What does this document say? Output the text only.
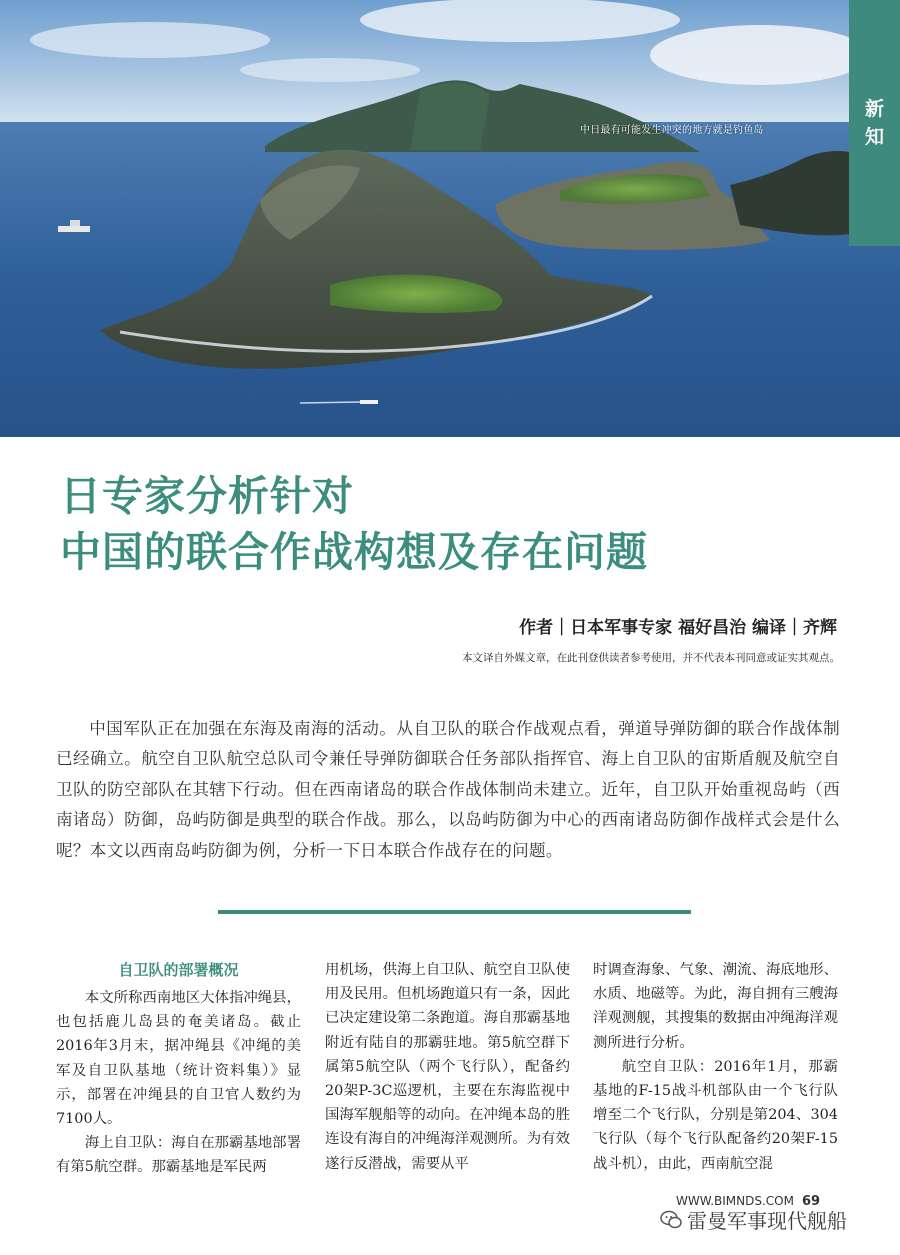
中日最有可能发生冲突的地方就是钓鱼岛
新
知
日专家分析针对
中国的联合作战构想及存在问题
作者｜日本军事专家 福好昌治 编译｜齐辉
本文译自外媒文章，在此刊登供读者参考使用，并不代表本刊同意或证实其观点。

中国军队正在加强在东海及南海的活动。从自卫队的联合作战观点看，弹道导弹防御的联合作战体制已经确立。航空自卫队航空总队司令兼任导弹防御联合任务部队指挥官、海上自卫队的宙斯盾舰及航空自卫队的防空部队在其辖下行动。但在西南诸岛的联合作战体制尚未建立。近年，自卫队开始重视岛屿（西南诸岛）防御，岛屿防御是典型的联合作战。那么，以岛屿防御为中心的西南诸岛防御作战样式会是什么呢？本文以西南岛屿防御为例，分析一下日本联合作战存在的问题。

自卫队的部署概况

本文所称西南地区大体指冲绳县，也包括鹿儿岛县的奄美诸岛。截止2016年3月末，据冲绳县《冲绳的美军及自卫队基地（统计资料集）》显示，部署在冲绳县的自卫官人数约为7100人。

海上自卫队：海自在那霸基地部署有第5航空群。那霸基地是军民两

用机场，供海上自卫队、航空自卫队使用及民用。但机场跑道只有一条，因此已决定建设第二条跑道。海自那霸基地附近有陆自的那霸驻地。第5航空群下属第5航空队（两个飞行队），配备约20架P-3C巡逻机，主要在东海监视中国海军舰船等的动向。在冲绳本岛的胜连设有海自的冲绳海洋观测所。为有效遂行反潜战，需要从平

时调查海象、气象、潮流、海底地形、水质、地磁等。为此，海自拥有三艘海洋观测舰，其搜集的数据由冲绳海洋观测所进行分析。

航空自卫队：2016年1月，那霸基地的F-15战斗机部队由一个飞行队增至二个飞行队，分别是第204、304飞行队（每个飞行队配备约20架F-15战斗机），由此，西南航空混

WWW.BIMNDS.COM 69
雷曼军事现代舰船
